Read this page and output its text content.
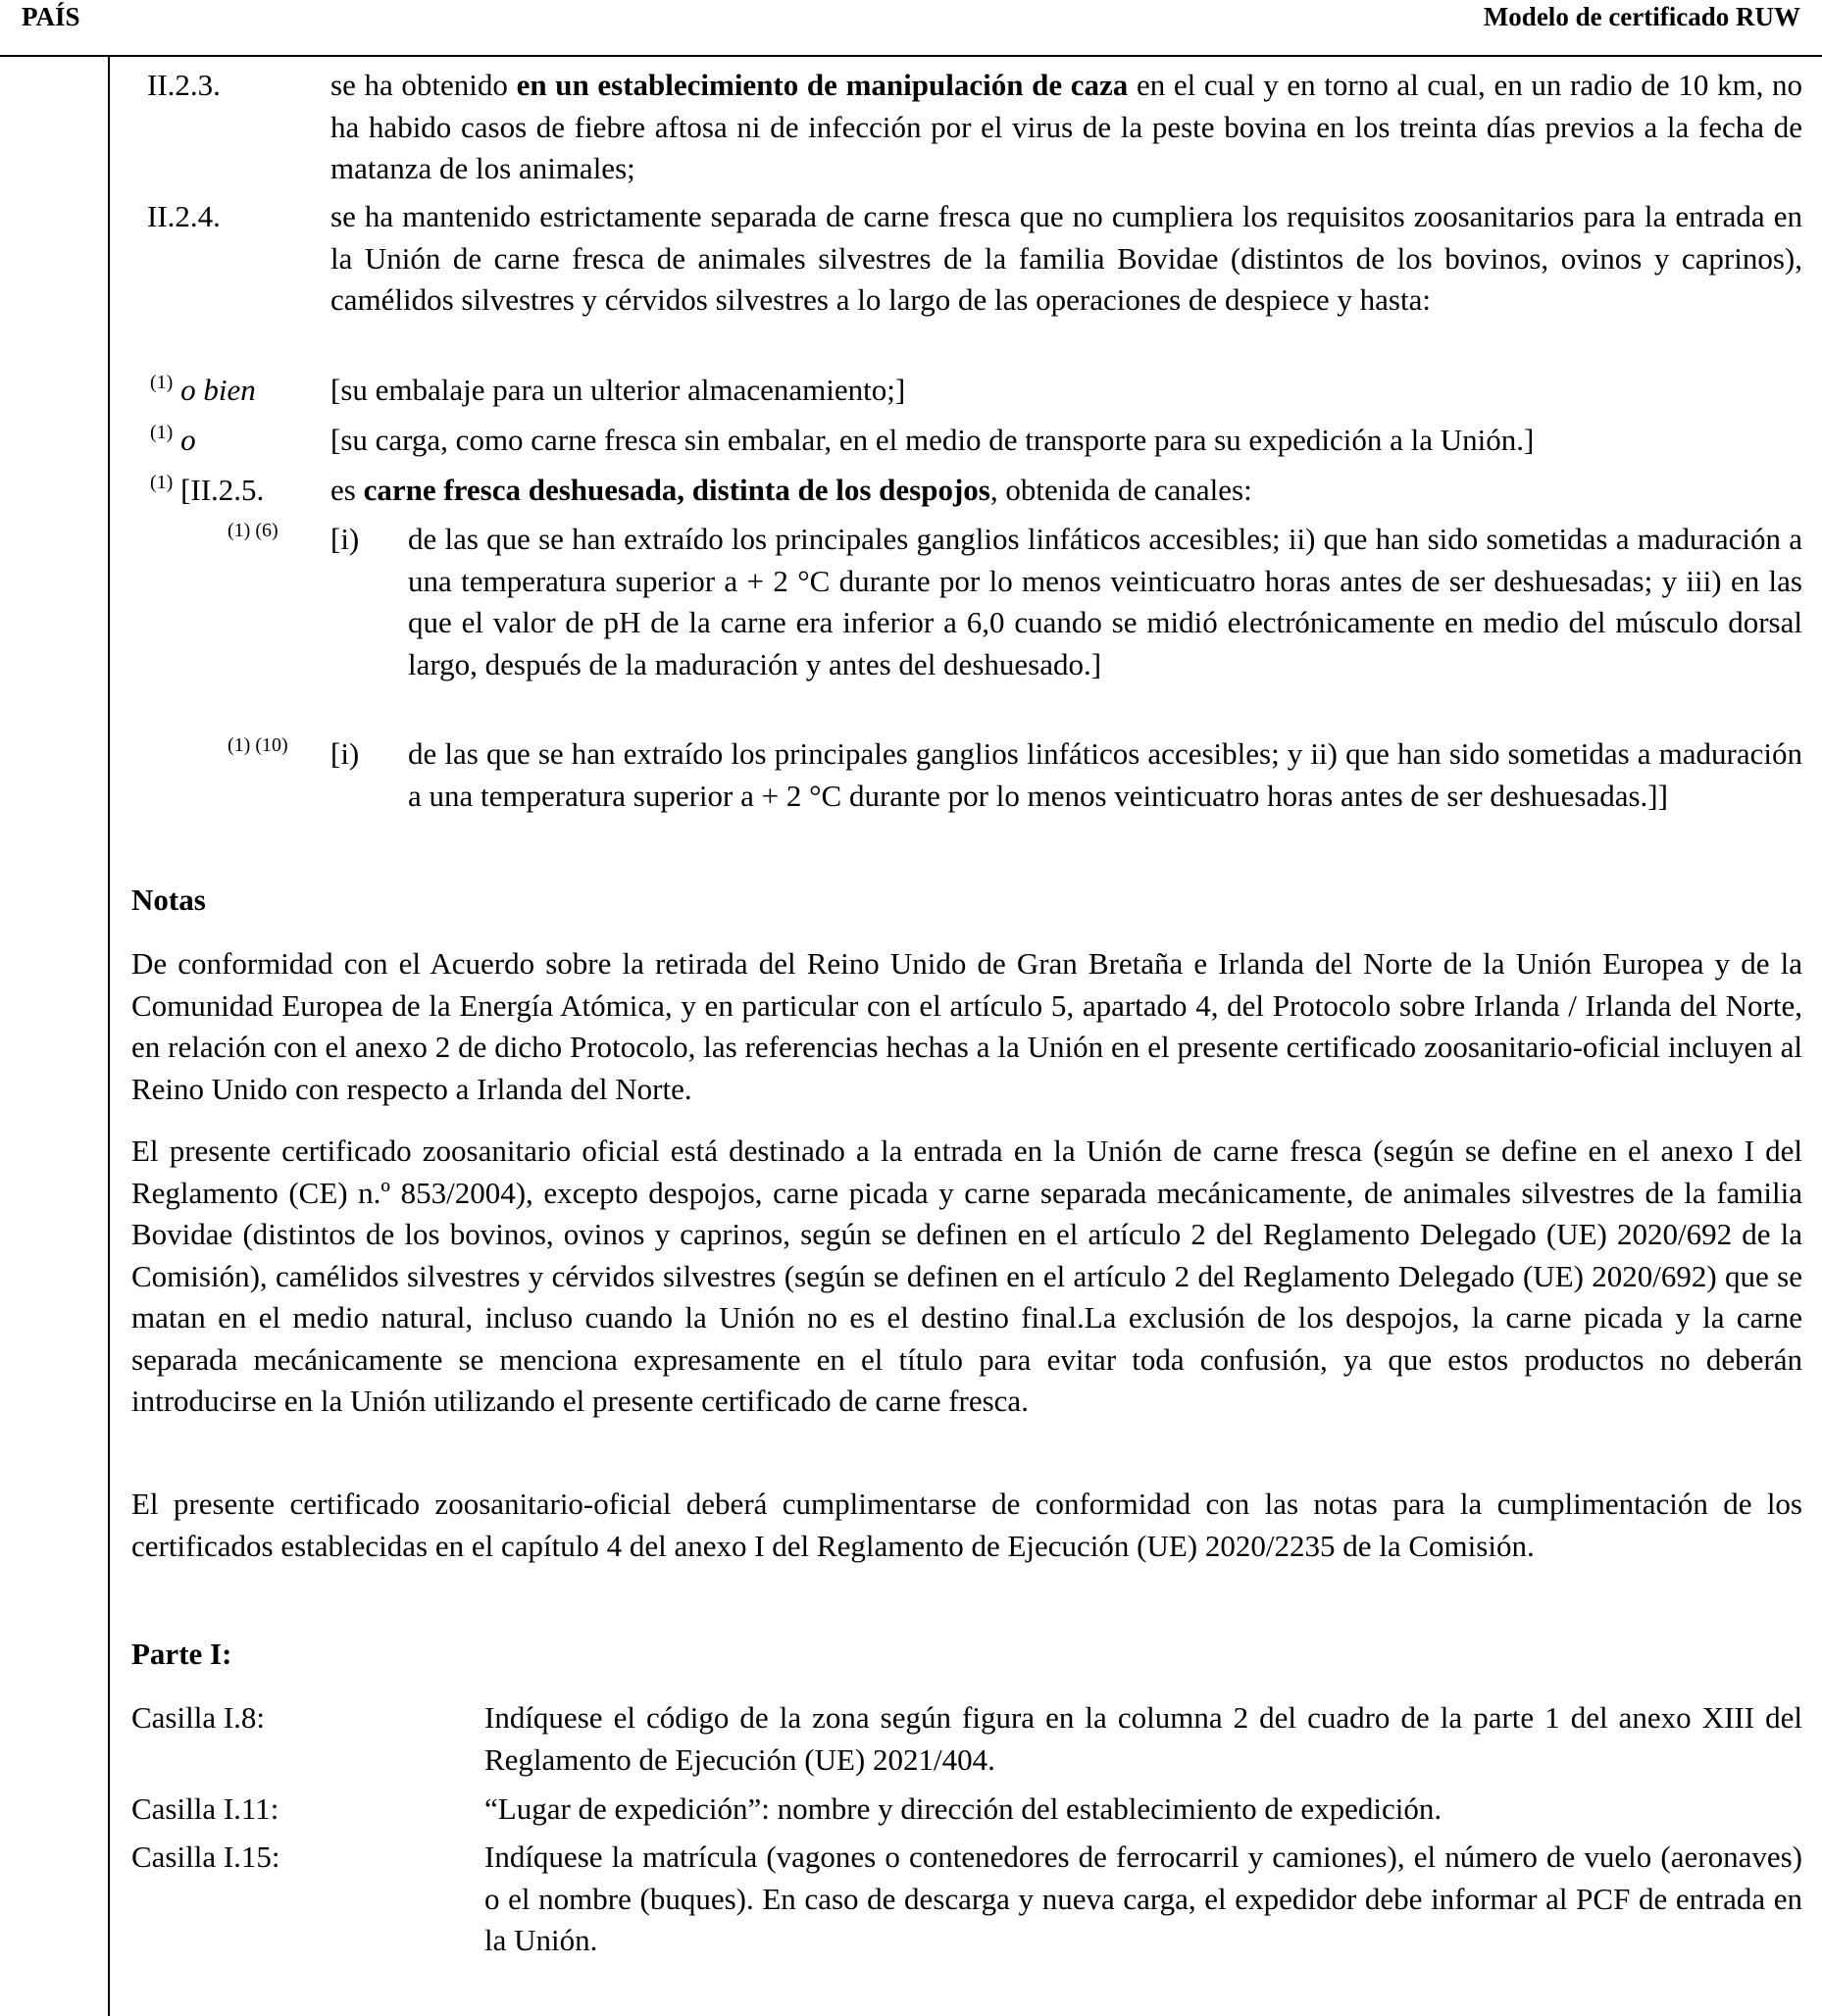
PAÍS	Modelo de certificado RUW
II.2.3.	se ha obtenido en un establecimiento de manipulación de caza en el cual y en torno al cual, en un radio de 10 km, no ha habido casos de fiebre aftosa ni de infección por el virus de la peste bovina en los treinta días previos a la fecha de matanza de los animales;
II.2.4.	se ha mantenido estrictamente separada de carne fresca que no cumpliera los requisitos zoosanitarios para la entrada en la Unión de carne fresca de animales silvestres de la familia Bovidae (distintos de los bovinos, ovinos y caprinos), camélidos silvestres y cérvidos silvestres a lo largo de las operaciones de despiece y hasta:
$^{(1)}$ o bien [su embalaje para un ulterior almacenamiento;]
$^{(1)}$ o	[su carga, como carne fresca sin embalar, en el medio de transporte para su expedición a la Unión.]
$^{(1)}$ [II.2.5. es carne fresca deshuesada, distinta de los despojos, obtenida de canales:
(1) (6) [i) de las que se han extraído los principales ganglios linfáticos accesibles; ii) que han sido sometidas a maduración a una temperatura superior a + 2 °C durante por lo menos veinticuatro horas antes de ser deshuesadas; y iii) en las que el valor de pH de la carne era inferior a 6,0 cuando se midió electrónicamente en medio del músculo dorsal largo, después de la maduración y antes del deshuesado.]
(1) (10) [i) de las que se han extraído los principales ganglios linfáticos accesibles; y ii) que han sido sometidas a maduración a una temperatura superior a + 2 °C durante por lo menos veinticuatro horas antes de ser deshuesadas.]]
Notas
De conformidad con el Acuerdo sobre la retirada del Reino Unido de Gran Bretaña e Irlanda del Norte de la Unión Europea y de la Comunidad Europea de la Energía Atómica, y en particular con el artículo 5, apartado 4, del Protocolo sobre Irlanda / Irlanda del Norte, en relación con el anexo 2 de dicho Protocolo, las referencias hechas a la Unión en el presente certificado zoosanitario-oficial incluyen al Reino Unido con respecto a Irlanda del Norte.
El presente certificado zoosanitario oficial está destinado a la entrada en la Unión de carne fresca (según se define en el anexo I del Reglamento (CE) n.º 853/2004), excepto despojos, carne picada y carne separada mecánicamente, de animales silvestres de la familia Bovidae (distintos de los bovinos, ovinos y caprinos, según se definen en el artículo 2 del Reglamento Delegado (UE) 2020/692 de la Comisión), camélidos silvestres y cérvidos silvestres (según se definen en el artículo 2 del Reglamento Delegado (UE) 2020/692) que se matan en el medio natural, incluso cuando la Unión no es el destino final.La exclusión de los despojos, la carne picada y la carne separada mecánicamente se menciona expresamente en el título para evitar toda confusión, ya que estos productos no deberán introducirse en la Unión utilizando el presente certificado de carne fresca.
El presente certificado zoosanitario-oficial deberá cumplimentarse de conformidad con las notas para la cumplimentación de los certificados establecidas en el capítulo 4 del anexo I del Reglamento de Ejecución (UE) 2020/2235 de la Comisión.
Parte I:
Casilla I.8:	Indíquese el código de la zona según figura en la columna 2 del cuadro de la parte 1 del anexo XIII del Reglamento de Ejecución (UE) 2021/404.
Casilla I.11:	“Lugar de expedición”: nombre y dirección del establecimiento de expedición.
Casilla I.15:	Indíquese la matrícula (vagones o contenedores de ferrocarril y camiones), el número de vuelo (aeronaves) o el nombre (buques). En caso de descarga y nueva carga, el expedidor debe informar al PCF de entrada en la Unión.
